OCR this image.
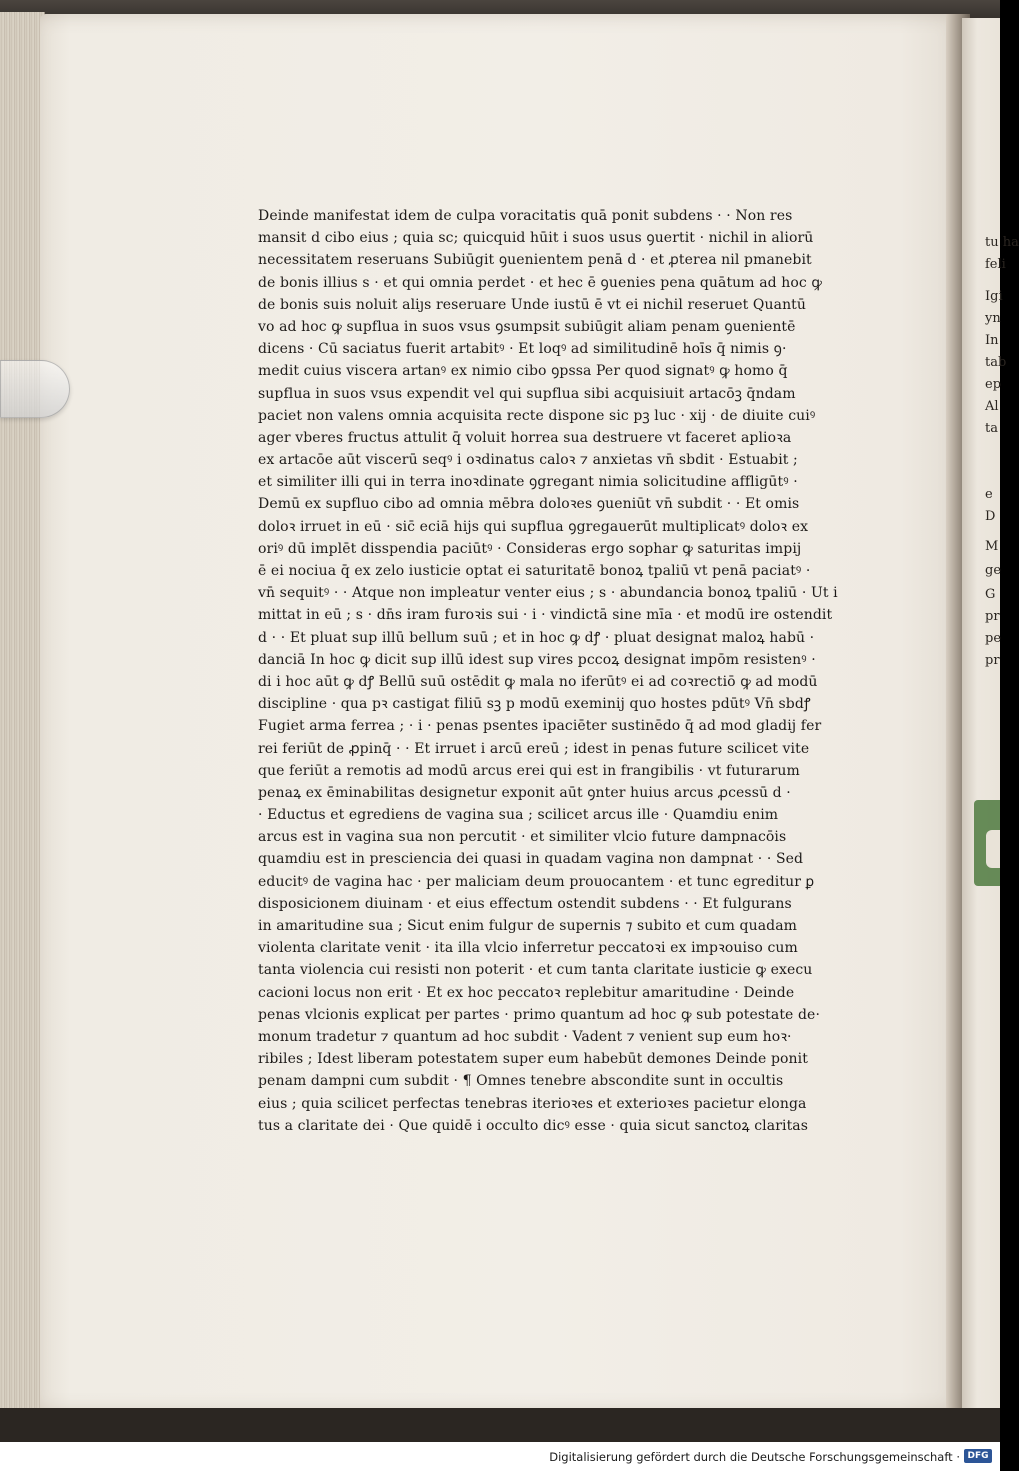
tu ha
feli
Igi
yn
In
tab
ep
Al
ta
e
D
M
ge
G
pr
pe
pr
Deinde manifestat idem de culpa voracitatis quā ponit subdens · · Non res
mansit d cibo eius ; quia sc; quicquid hūit i suos usus ꝯuertit · nichil in aliorū
necessitatem reseruans Subiūgit ꝯuenientem penā d · et ꝓterea nil pmanebit
de bonis illius s · et qui omnia perdet · et hec ē ꝯuenies pena quātum ad hoc ꝙ
de bonis suis noluit aliȷs reseruare Unde iustū ē vt ei nichil reseruet Quantū
vo ad hoc ꝙ supflua in suos vsus ꝯsumpsit subiūgit aliam penam ꝯuenientē
dicens · Cū saciatus fuerit artabitꝰ · Et loqꝰ ad similitudinē hoīs q̄ nimis ꝯ·
medit cuius viscera artanꝰ ex nimio cibo ꝯpssa Per quod signatꝰ ꝙ homo q̄
supflua in suos vsus expendit vel qui supflua sibi acquisiuit artacōꝫ q̄ndam
paciet non valens omnia acquisita recte dispone sic pꝫ luc · xij · de diuite cuiꝰ
ager vberes fructus attulit q̄ voluit horrea sua destruere vt faceret aplioꝛa
ex artacōe aūt viscerū seqꝰ i oꝛdinatus caloꝛ ⁊ anxietas vn̄ sbdit · Estuabit ;
et similiter illi qui in terra inoꝛdinate ꝯgregant nimia solicitudine affligūtꝰ ·
Demū ex supfluo cibo ad omnia mēbra doloꝛes ꝯueniūt vn̄ subdit · · Et omis
doloꝛ irruet in eū · sic̄ eciā hijs qui supflua ꝯgregauerūt multiplicatꝰ doloꝛ ex
oriꝰ dū implēt disspendia paciūtꝰ · Consideras ergo sophar ꝙ saturitas impij
ē ei nociua q̄ ex zelo iusticie optat ei saturitatē bonoꝝ tpaliū vt penā paciatꝰ ·
vn̄ sequitꝰ · · Atque non impleatur venter eius ; s · abundancia bonoꝝ tpaliū · Ut i
mittat in eū ; s · dn̄s iram furoꝛis sui · i · vindictā sine mīa · et modū ire ostendit
d · · Et pluat sup illū bellum suū ; et in hoc ꝙ dꝭ · pluat designat maloꝝ habū ·
danciā In hoc ꝙ dicit sup illū idest sup vires pccoꝝ designat impōm resistenꝰ ·
di i hoc aūt ꝙ dꝭ Bellū suū ostēdit ꝙ mala no iferūtꝰ ei ad coꝛrectiō ꝙ ad modū
discipline · qua pꝛ castigat filiū sꝫ p modū exeminij quo hostes pdūtꝰ Vn̄ sbdꝭ
Fugiet arma ferrea ; · i · penas psentes ipaciēter sustinēdo q̄ ad mod gladij fer
rei feriūt de ꝓpinq̄ · · Et irruet i arcū ereū ; idest in penas future scilicet vite
que feriūt a remotis ad modū arcus erei qui est in frangibilis · vt futurarum
penaꝝ ex ēminabilitas designetur exponit aūt ꝯnter huius arcus ꝓcessū d ·
· Eductus et egrediens de vagina sua ; scilicet arcus ille · Quamdiu enim
arcus est in vagina sua non percutit · et similiter vlcio future dampnacōis
quamdiu est in presciencia dei quasi in quadam vagina non dampnat · · Sed
educitꝰ de vagina hac · per maliciam deum prouocantem · et tunc egreditur ꝑ
disposicionem diuinam · et eius effectum ostendit subdens · · Et fulgurans
in amaritudine sua ; Sicut enim fulgur de supernis ⁊ subito et cum quadam
violenta claritate venit · ita illa vlcio inferretur peccatoꝛi ex impꝛouiso cum
tanta violencia cui resisti non poterit · et cum tanta claritate iusticie ꝙ execu
cacioni locus non erit · Et ex hoc peccatoꝛ replebitur amaritudine · Deinde
penas vlcionis explicat per partes · primo quantum ad hoc ꝙ sub potestate de·
monum tradetur ⁊ quantum ad hoc subdit · Vadent ⁊ venient sup eum hoꝛ·
ribiles ; Idest liberam potestatem super eum habebūt demones Deinde ponit
penam dampni cum subdit · ¶ Omnes tenebre abscondite sunt in occultis
eius ; quia scilicet perfectas tenebras iterioꝛes et exterioꝛes pacietur elonga
tus a claritate dei · Que quidē i occulto dicꝰ esse · quia sicut sanctoꝝ claritas
Digitalisierung gefördert durch die Deutsche Forschungsgemeinschaft · DFG
